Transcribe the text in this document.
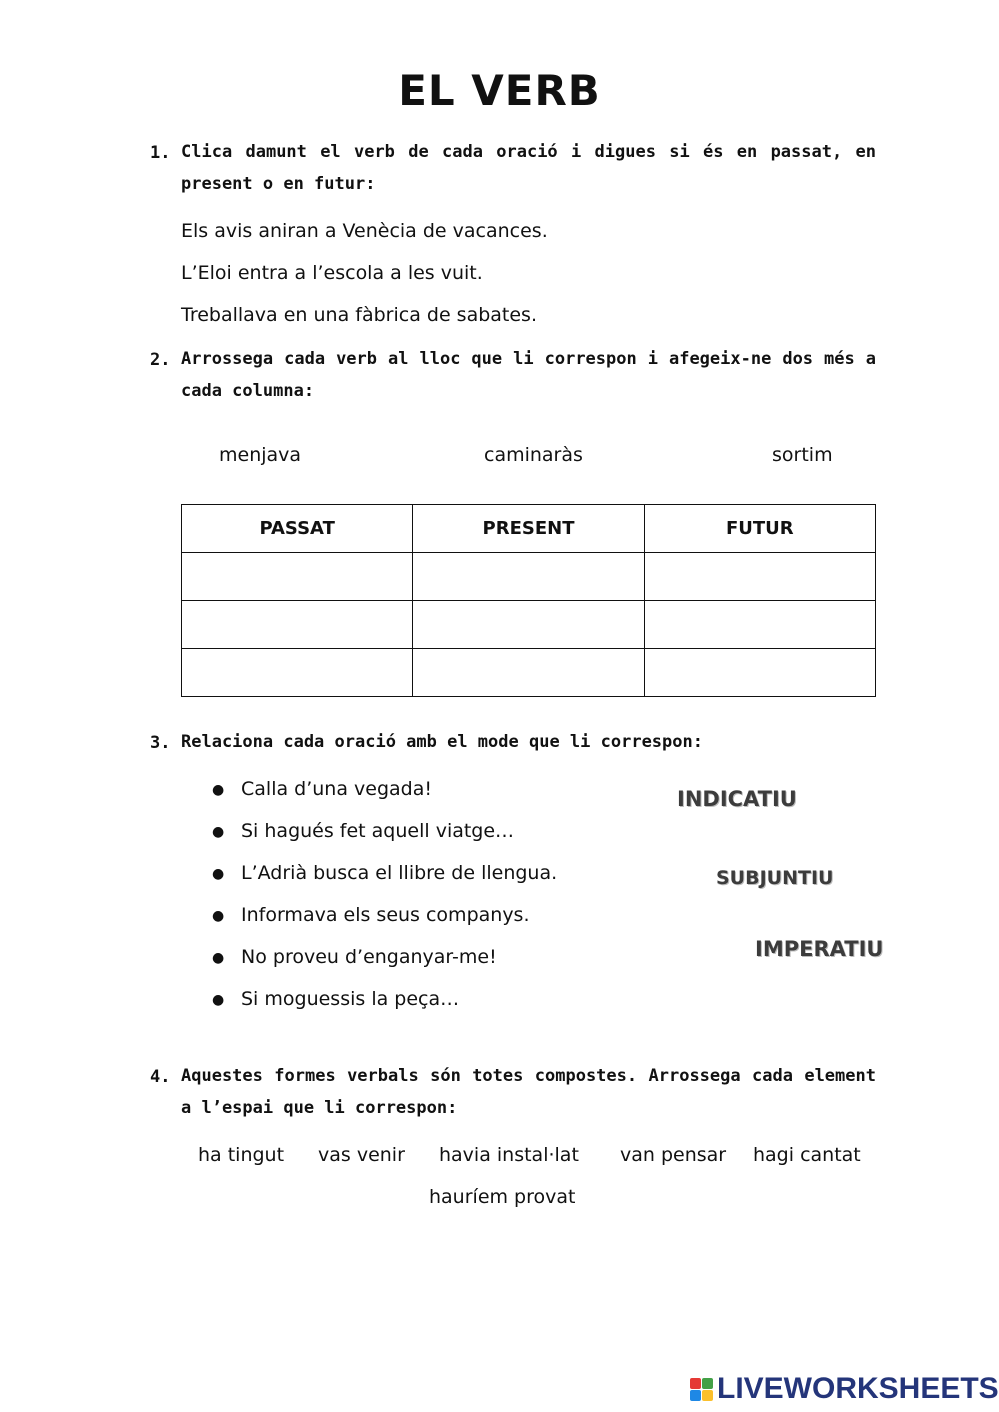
EL VERB
1. Clica damunt el verb de cada oració i digues si és en passat, en present o en futur:
Els avis aniran a Venècia de vacances.
L’Eloi entra a l’escola a les vuit.
Treballava en una fàbrica de sabates.
2. Arrossega cada verb al lloc que li correspon i afegeix-ne dos més a cada columna:
menjava	caminaràs	sortim
PASSAT	PRESENT	FUTUR

3. Relaciona cada oració amb el mode que li correspon:
● Calla d’una vegada!
● Si hagués fet aquell viatge…
● L’Adrià busca el llibre de llengua.
● Informava els seus companys.
● No proveu d’enganyar-me!
● Si moguessis la peça…
INDICATIU
SUBJUNTIU
IMPERATIU
4. Aquestes formes verbals són totes compostes. Arrossega cada element a l’espai que li correspon:
ha tingut vas venir havia instal·lat van pensar hagi cantat
hauríem provat
LIVEWORKSHEETS
